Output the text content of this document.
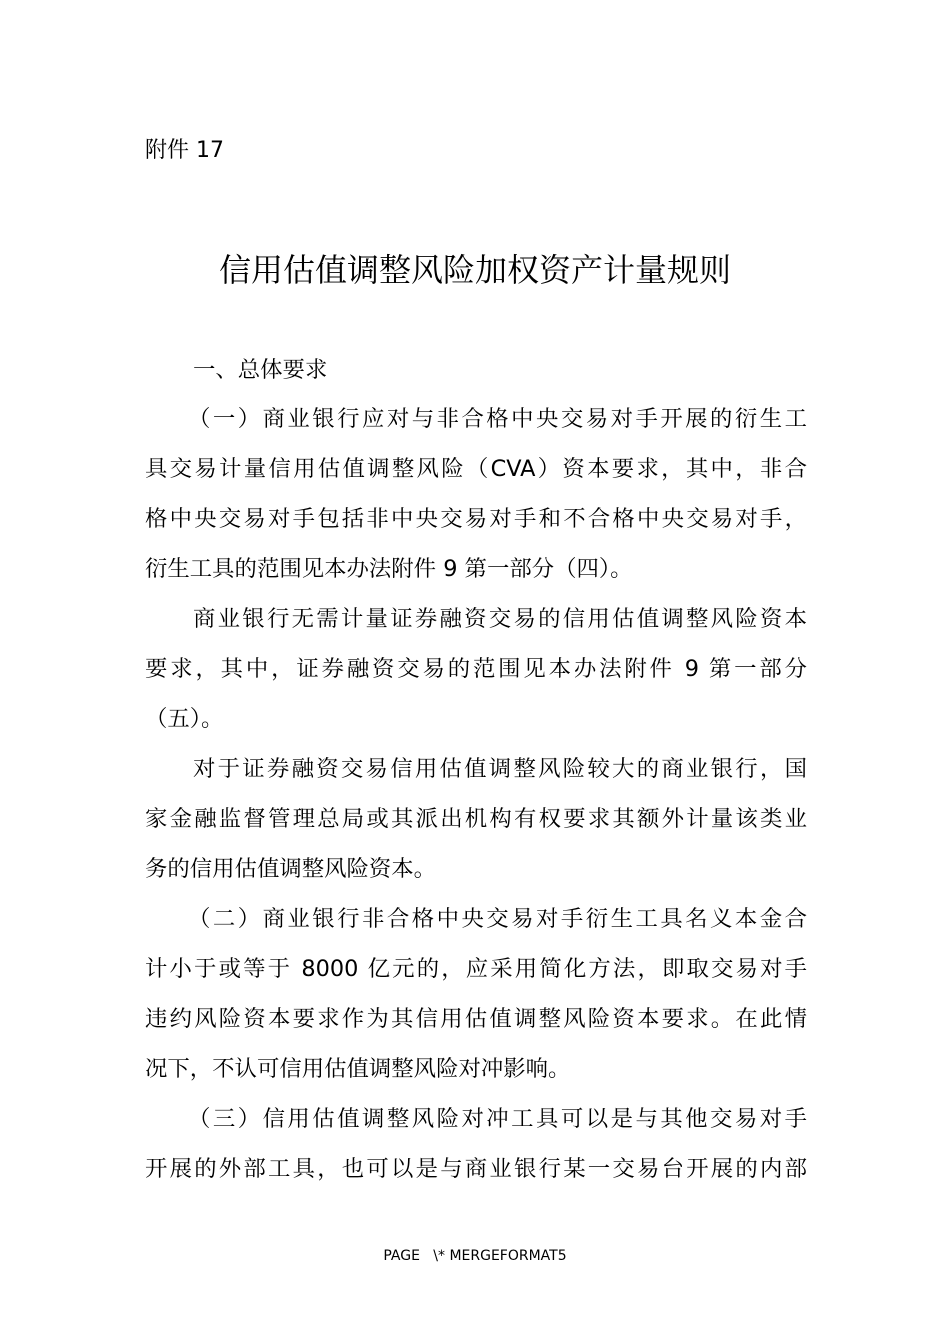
附件 17
信用估值调整风险加权资产计量规则
一、总体要求
（一）商业银行应对与非合格中央交易对手开展的衍生工
具交易计量信用估值调整风险（CVA）资本要求，其中，非合
格中央交易对手包括非中央交易对手和不合格中央交易对手，
衍生工具的范围见本办法附件 9 第一部分（四）。
商业银行无需计量证券融资交易的信用估值调整风险资本
要求，其中，证券融资交易的范围见本办法附件 9 第一部分
（五）。
对于证券融资交易信用估值调整风险较大的商业银行，国
家金融监督管理总局或其派出机构有权要求其额外计量该类业
务的信用估值调整风险资本。
（二）商业银行非合格中央交易对手衍生工具名义本金合
计小于或等于 8000 亿元的，应采用简化方法，即取交易对手
违约风险资本要求作为其信用估值调整风险资本要求。在此情
况下，不认可信用估值调整风险对冲影响。
（三）信用估值调整风险对冲工具可以是与其他交易对手
开展的外部工具，也可以是与商业银行某一交易台开展的内部
PAGE   \* MERGEFORMAT5
